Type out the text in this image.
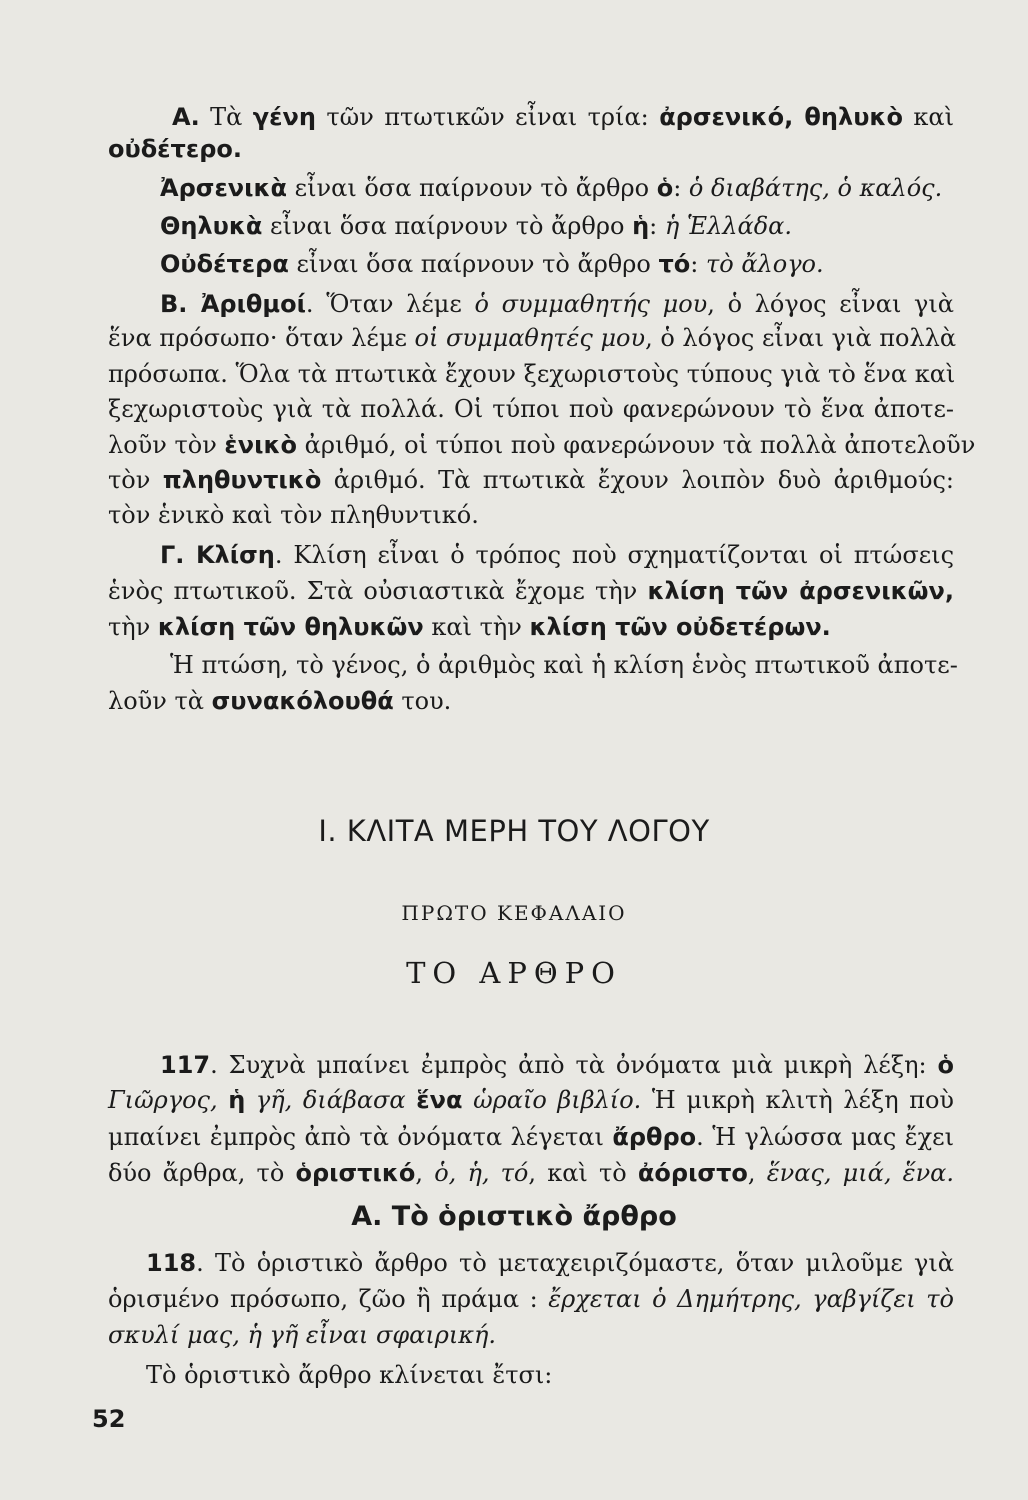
Α. Τὰ γένη τῶν πτωτικῶν εἶναι τρία: ἀρσενικό, θηλυκὸ καὶ
οὐδέτερο.
Ἀρσενικὰ εἶναι ὅσα παίρνουν τὸ ἄρθρο ὁ: ὁ διαβάτης, ὁ καλός.
Θηλυκὰ εἶναι ὅσα παίρνουν τὸ ἄρθρο ἡ: ἡ Ἑλλάδα.
Οὐδέτερα εἶναι ὅσα παίρνουν τὸ ἄρθρο τό: τὸ ἄλογο.
Β. Ἀριθμοί. Ὅταν λέμε ὁ συμμαθητής μου, ὁ λόγος εἶναι γιὰ
ἕνα πρόσωπο· ὅταν λέμε οἱ συμμαθητές μου, ὁ λόγος εἶναι γιὰ πολλὰ
πρόσωπα. Ὅλα τὰ πτωτικὰ ἔχουν ξεχωριστοὺς τύπους γιὰ τὸ ἕνα καὶ
ξεχωριστοὺς γιὰ τὰ πολλά. Οἱ τύποι ποὺ φανερώνουν τὸ ἕνα ἀποτε-
λοῦν τὸν ἑνικὸ ἀριθμό, οἱ τύποι ποὺ φανερώνουν τὰ πολλὰ ἀποτελοῦν
τὸν πληθυντικὸ ἀριθμό. Τὰ πτωτικὰ ἔχουν λοιπὸν δυὸ ἀριθμούς:
τὸν ἑνικὸ καὶ τὸν πληθυντικό.
Γ. Κλίση. Κλίση εἶναι ὁ τρόπος ποὺ σχηματίζονται οἱ πτώσεις
ἑνὸς πτωτικοῦ. Στὰ οὐσιαστικὰ ἔχομε τὴν κλίση τῶν ἀρσενικῶν,
τὴν κλίση τῶν θηλυκῶν καὶ τὴν κλίση τῶν οὐδετέρων.
Ἡ πτώση, τὸ γένος, ὁ ἀριθμὸς καὶ ἡ κλίση ἑνὸς πτωτικοῦ ἀποτε-
λοῦν τὰ συνακόλουθά του.
Ι. ΚΛΙΤΑ ΜΕΡΗ ΤΟΥ ΛΟΓΟΥ
ΠΡΩΤΟ ΚΕΦΑΛΑΙΟ
ΤΟ ΑΡΘΡΟ
117. Συχνὰ μπαίνει ἐμπρὸς ἀπὸ τὰ ὀνόματα μιὰ μικρὴ λέξη: ὁ
Γιῶργος, ἡ γῆ, διάβασα ἕνα ὡραῖο βιβλίο. Ἡ μικρὴ κλιτὴ λέξη ποὺ
μπαίνει ἐμπρὸς ἀπὸ τὰ ὀνόματα λέγεται ἄρθρο. Ἡ γλώσσα μας ἔχει
δύο ἄρθρα, τὸ ὁριστικό, ὁ, ἡ, τό, καὶ τὸ ἀόριστο, ἕνας, μιά, ἕνα.
Α. Τὸ ὁριστικὸ ἄρθρο
118. Τὸ ὁριστικὸ ἄρθρο τὸ μεταχειριζόμαστε, ὅταν μιλοῦμε γιὰ
ὁρισμένο πρόσωπο, ζῶο ἢ πράμα : ἔρχεται ὁ Δημήτρης, γαβγίζει τὸ
σκυλί μας, ἡ γῆ εἶναι σφαιρική.
Τὸ ὁριστικὸ ἄρθρο κλίνεται ἔτσι:
52
